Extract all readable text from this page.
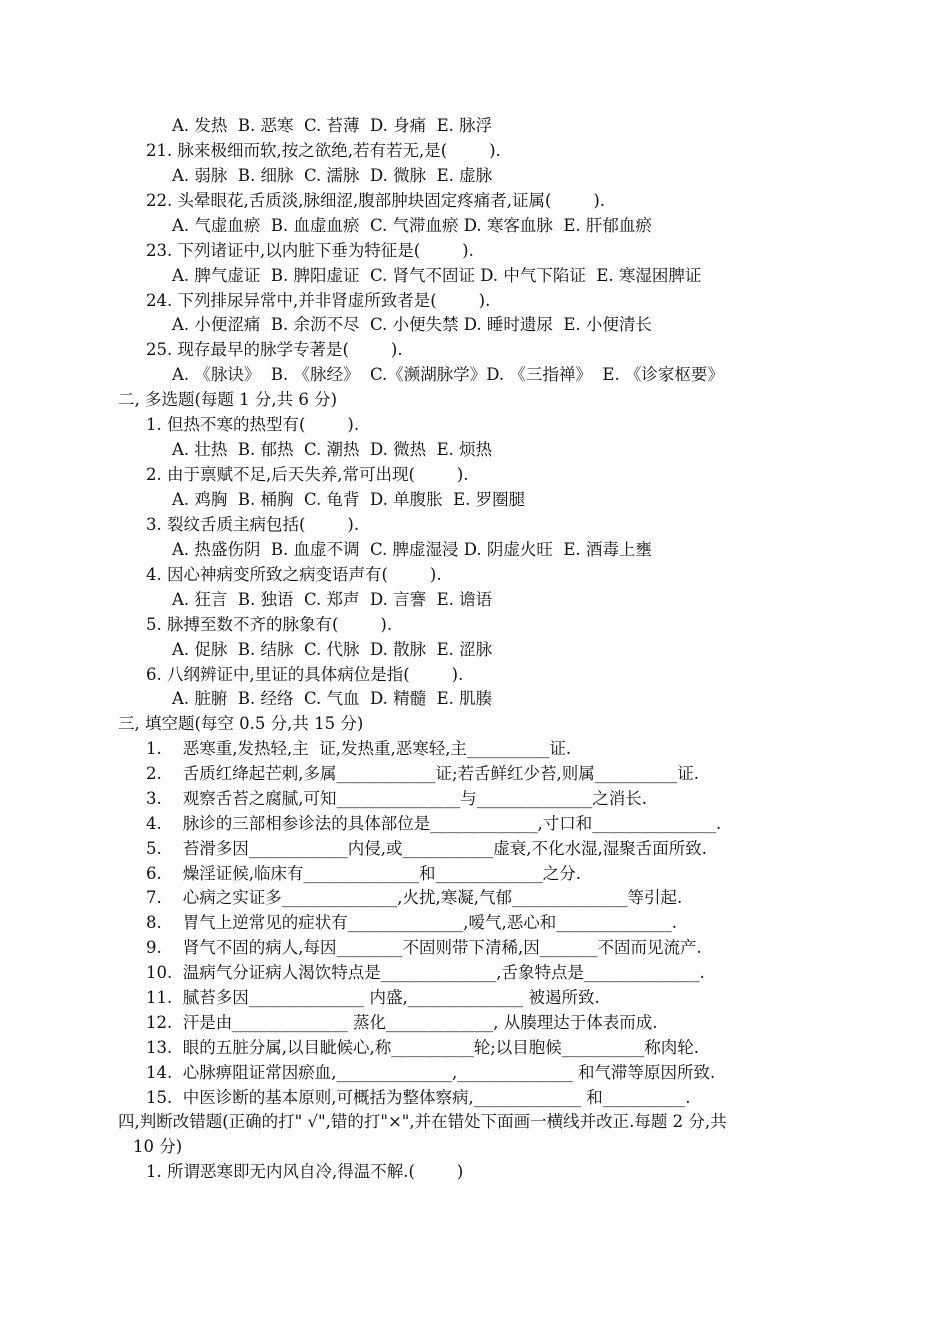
A. 发热  B. 恶寒  C. 苔薄  D. 身痛  E. 脉浮
21. 脉来极细而软,按之欲绝,若有若无,是(        ).
A. 弱脉  B. 细脉  C. 濡脉  D. 微脉  E. 虚脉
22. 头晕眼花,舌质淡,脉细涩,腹部肿块固定疼痛者,证属(        ).
A. 气虚血瘀  B. 血虚血瘀  C. 气滞血瘀 D. 寒客血脉  E. 肝郁血瘀
23. 下列诸证中,以内脏下垂为特征是(        ).
A. 脾气虚证  B. 脾阳虚证  C. 肾气不固证 D. 中气下陷证  E. 寒湿困脾证
24. 下列排尿异常中,并非肾虚所致者是(        ).
A. 小便涩痛  B. 余沥不尽  C. 小便失禁 D. 睡时遗尿  E. 小便清长
25. 现存最早的脉学专著是(        ).
A. 《脉诀》  B. 《脉经》  C.《濒湖脉学》D. 《三指禅》  E. 《诊家枢要》
二, 多选题(每题 1 分,共 6 分)
1. 但热不寒的热型有(        ).
A. 壮热  B. 郁热  C. 潮热  D. 微热  E. 烦热
2. 由于禀赋不足,后天失养,常可出现(        ).
A. 鸡胸  B. 桶胸  C. 龟背  D. 单腹胀  E. 罗圈腿
3. 裂纹舌质主病包括(        ).
A. 热盛伤阴  B. 血虚不调  C. 脾虚湿浸 D. 阴虚火旺  E. 酒毒上壅
4. 因心神病变所致之病变语声有(        ).
A. 狂言  B. 独语  C. 郑声  D. 言謇  E. 谵语
5. 脉搏至数不齐的脉象有(        ).
A. 促脉  B. 结脉  C. 代脉  D. 散脉  E. 涩脉
6. 八纲辨证中,里证的具体病位是指(        ).
A. 脏腑  B. 经络  C. 气血  D. 精髓  E. 肌腠
三, 填空题(每空 0.5 分,共 15 分)
1.    恶寒重,发热轻,主  证,发热重,恶寒轻,主__________证.
2.    舌质红绛起芒刺,多属____________证;若舌鲜红少苔,则属__________证.
3.    观察舌苔之腐腻,可知_______________与______________之消长.
4.    脉诊的三部相参诊法的具体部位是_____________,寸口和_______________.
5.    苔滑多因____________内侵,或___________虚衰,不化水湿,湿聚舌面所致.
6.    燥淫证候,临床有______________和_____________之分.
7.    心病之实证多______________,火扰,寒凝,气郁______________等引起.
8.    胃气上逆常见的症状有______________,嗳气,恶心和______________.
9.    肾气不固的病人,每因________不固则带下清稀,因_______不固而见流产.
10.  温病气分证病人渴饮特点是______________,舌象特点是______________.
11.  腻苔多因______________ 内盛,______________ 被遏所致.
12.  汗是由______________ 蒸化_____________, 从腠理达于体表而成.
13.  眼的五脏分属,以目眦候心,称__________轮;以目胞候__________称肉轮.
14.  心脉痹阻证常因瘀血,______________,______________ 和气滞等原因所致.
15.  中医诊断的基本原则,可概括为整体察病,_____________ 和__________.
四,判断改错题(正确的打" √",错的打"×",并在错处下面画一横线并改正.每题 2 分,共
10 分)
1. 所谓恶寒即无内风自冷,得温不解.(        )
